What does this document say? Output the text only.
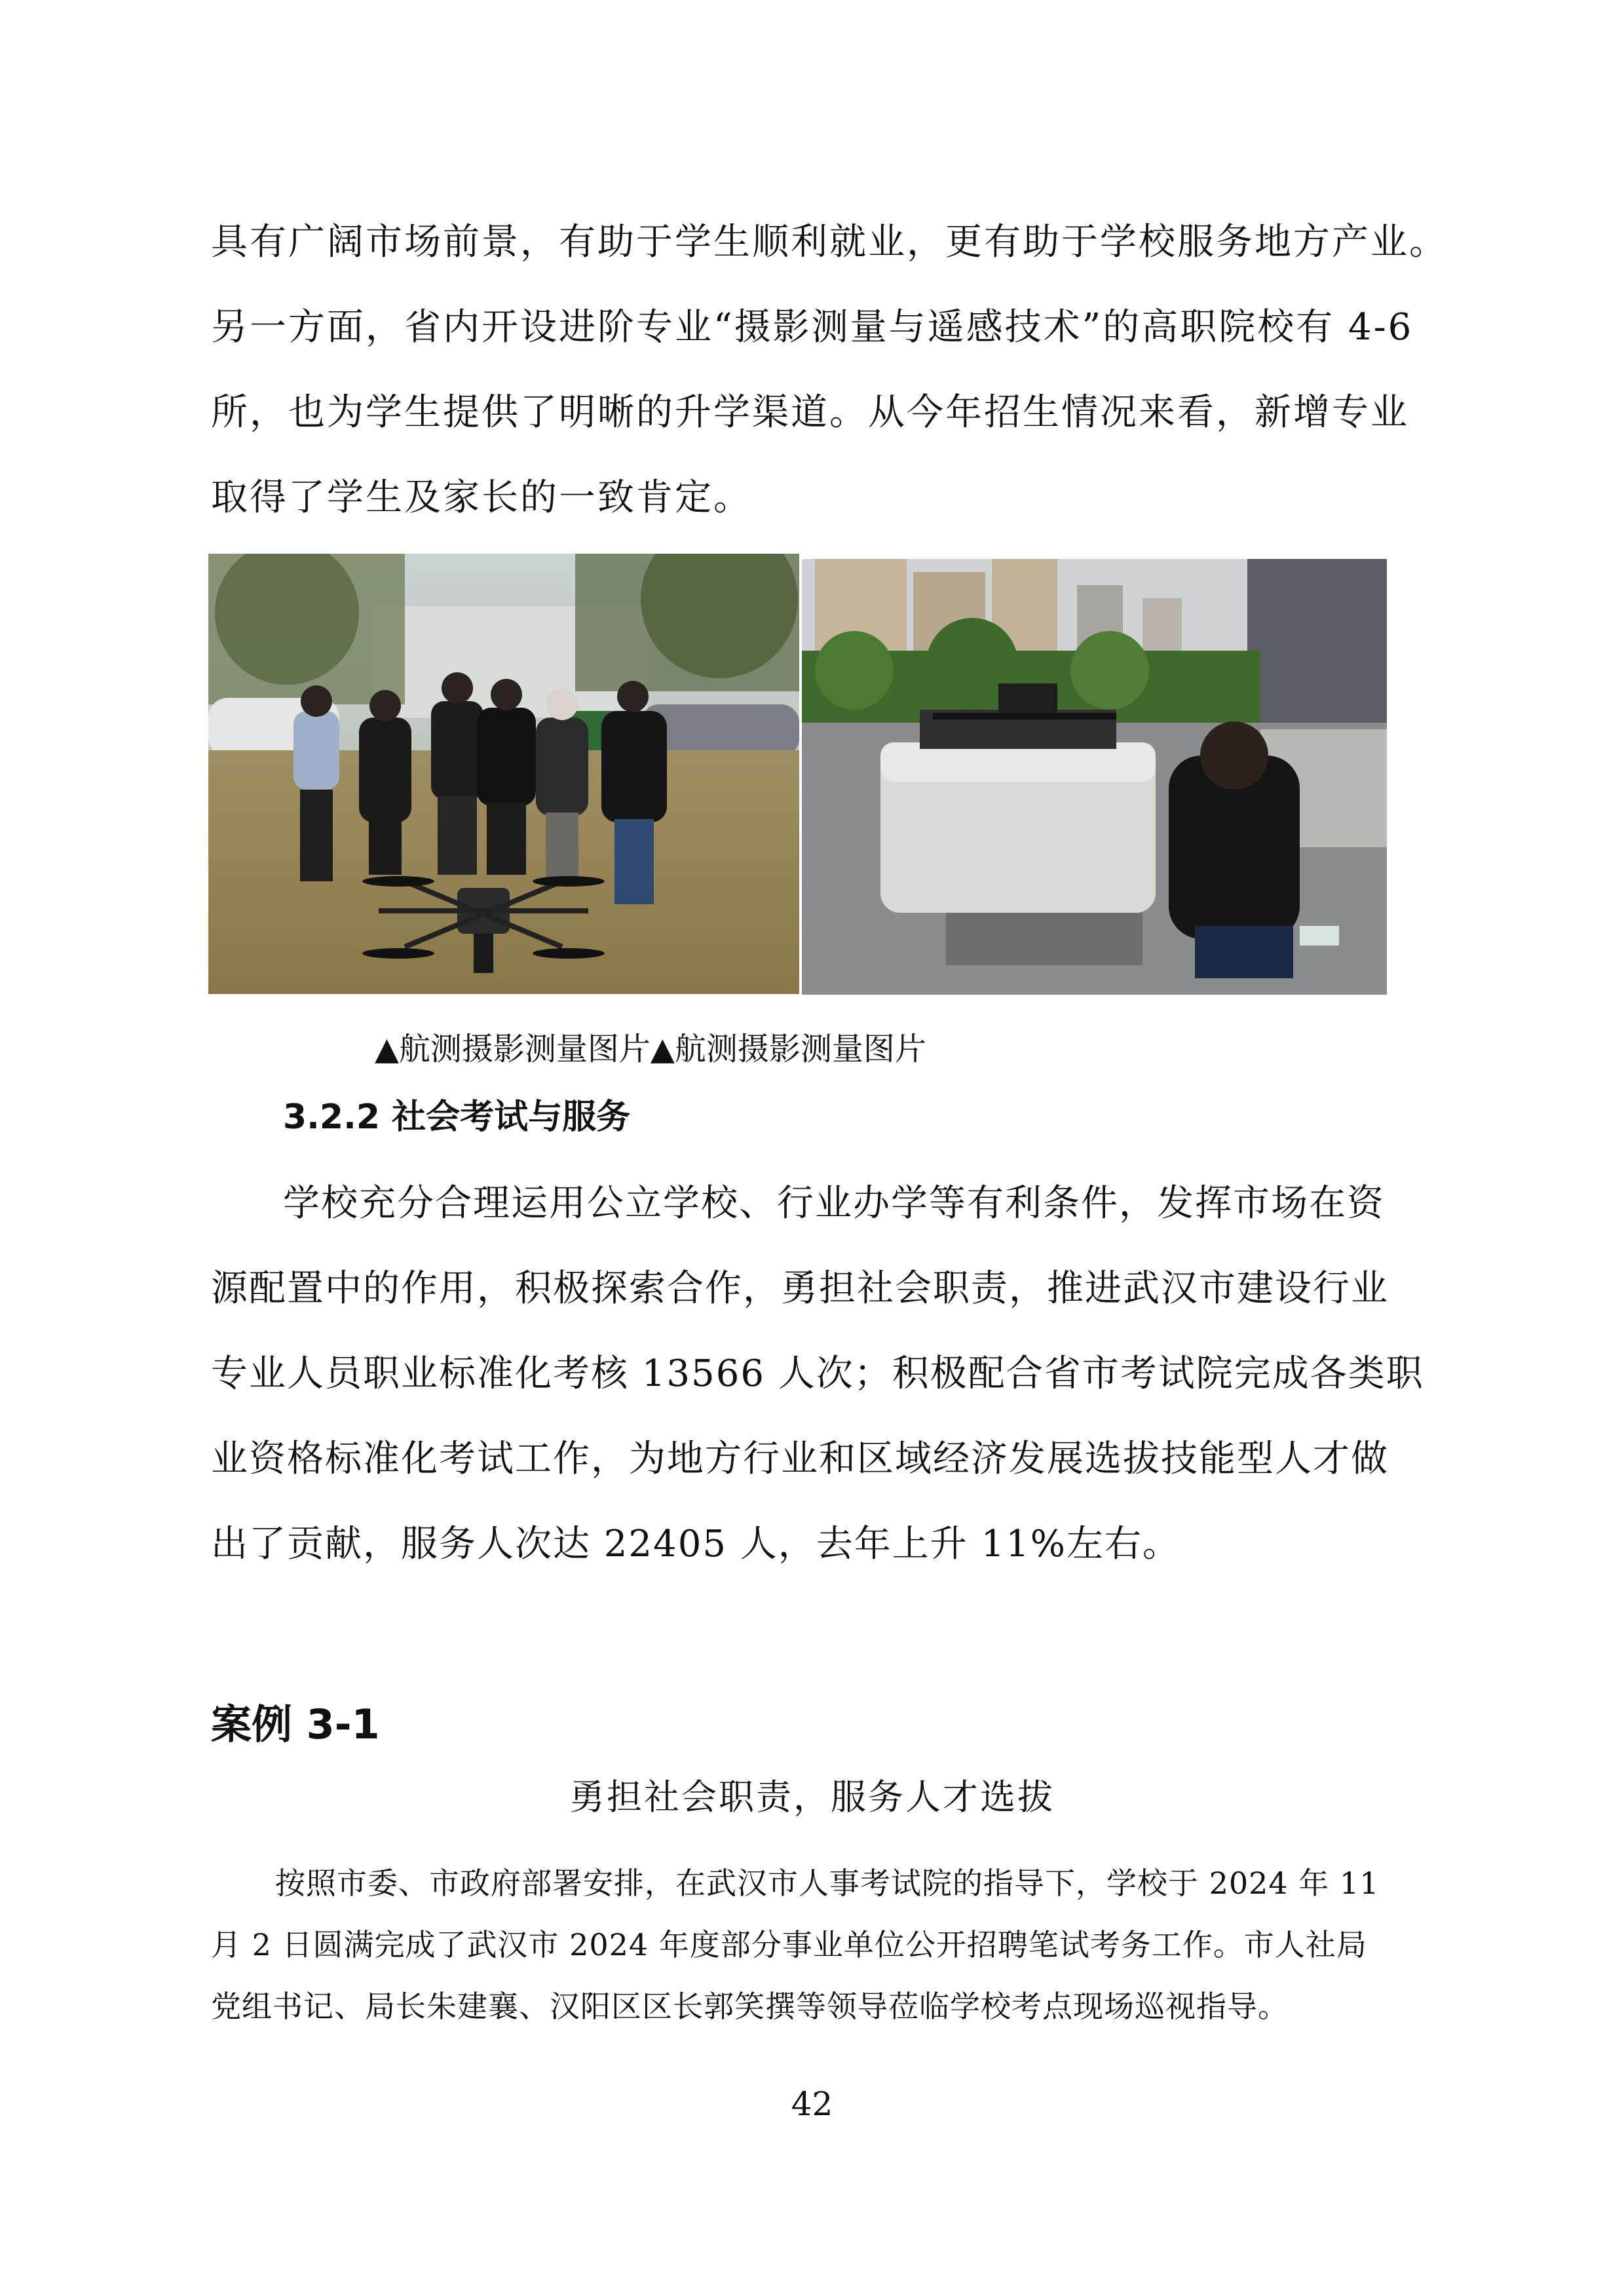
具有广阔市场前景，有助于学生顺利就业，更有助于学校服务地方产业。
另一方面，省内开设进阶专业“摄影测量与遥感技术”的高职院校有 4-6
所，也为学生提供了明晰的升学渠道。从今年招生情况来看，新增专业
取得了学生及家长的一致肯定。
▲航测摄影测量图片▲航测摄影测量图片
3.2.2 社会考试与服务
学校充分合理运用公立学校、行业办学等有利条件，发挥市场在资
源配置中的作用，积极探索合作，勇担社会职责，推进武汉市建设行业
专业人员职业标准化考核 13566 人次；积极配合省市考试院完成各类职
业资格标准化考试工作，为地方行业和区域经济发展选拔技能型人才做
出了贡献，服务人次达 22405 人，去年上升 11%左右。
案例 3-1
勇担社会职责，服务人才选拔
按照市委、市政府部署安排，在武汉市人事考试院的指导下，学校于 2024 年 11
月 2 日圆满完成了武汉市 2024 年度部分事业单位公开招聘笔试考务工作。市人社局
党组书记、局长朱建襄、汉阳区区长郭笑撰等领导莅临学校考点现场巡视指导。
42
